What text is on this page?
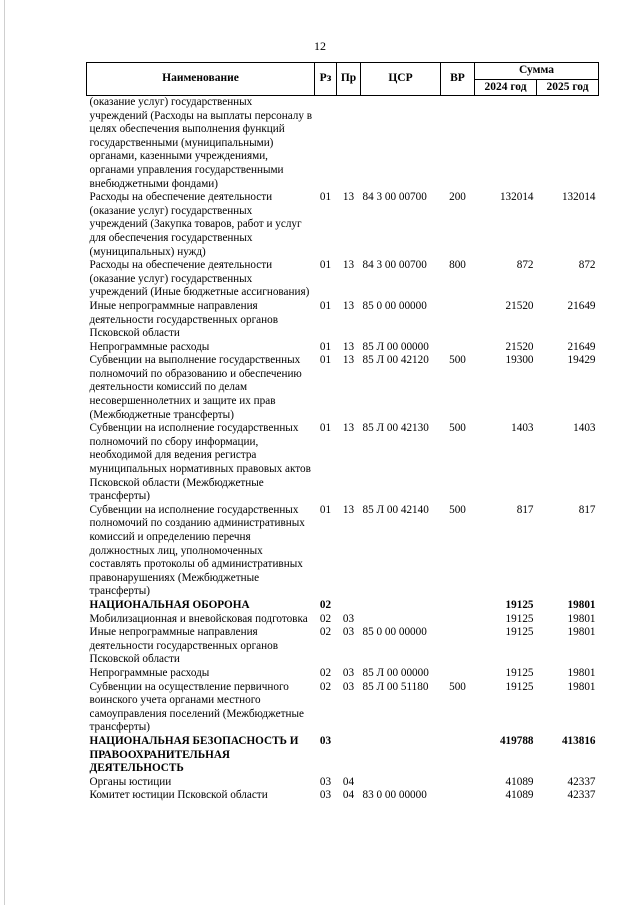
12
Наименование	Рз	Пр	ЦСР	ВР	Сумма	
					2024 год	2025 год
(оказание услуг) государственных учреждений (Расходы на выплаты персоналу в целях обеспечения выполнения функций государственными (муниципальными) органами, казенными учреждениями, органами управления государственными внебюджетными фондами)						
Расходы на обеспечение деятельности (оказание услуг) государственных учреждений (Закупка товаров, работ и услуг для обеспечения государственных (муниципальных) нужд)	01	13	84 3 00 00700	200	132014	132014
Расходы на обеспечение деятельности (оказание услуг) государственных учреждений (Иные бюджетные ассигнования)	01	13	84 3 00 00700	800	872	872
Иные непрограммные направления деятельности государственных органов Псковской области	01	13	85 0 00 00000		21520	21649
Непрограммные расходы	01	13	85 Л 00 00000		21520	21649
Субвенции на выполнение государственных полномочий по образованию и обеспечению деятельности комиссий по делам несовершеннолетних и защите их прав (Межбюджетные трансферты)	01	13	85 Л 00 42120	500	19300	19429
Субвенции на исполнение государственных полномочий по сбору информации, необходимой для ведения регистра муниципальных нормативных правовых актов Псковской области (Межбюджетные трансферты)	01	13	85 Л 00 42130	500	1403	1403
Субвенции на исполнение государственных полномочий по созданию административных комиссий и определению перечня должностных лиц, уполномоченных составлять протоколы об административных правонарушениях (Межбюджетные трансферты)	01	13	85 Л 00 42140	500	817	817
НАЦИОНАЛЬНАЯ ОБОРОНА	02				19125	19801
Мобилизационная и вневойсковая подготовка	02	03			19125	19801
Иные непрограммные направления деятельности государственных органов Псковской области	02	03	85 0 00 00000		19125	19801
Непрограммные расходы	02	03	85 Л 00 00000		19125	19801
Субвенции на осуществление первичного воинского учета органами местного самоуправления поселений (Межбюджетные трансферты)	02	03	85 Л 00 51180	500	19125	19801
НАЦИОНАЛЬНАЯ БЕЗОПАСНОСТЬ И ПРАВООХРАНИТЕЛЬНАЯ ДЕЯТЕЛЬНОСТЬ	03				419788	413816
Органы юстиции	03	04			41089	42337
Комитет юстиции Псковской области	03	04	83 0 00 00000		41089	42337
